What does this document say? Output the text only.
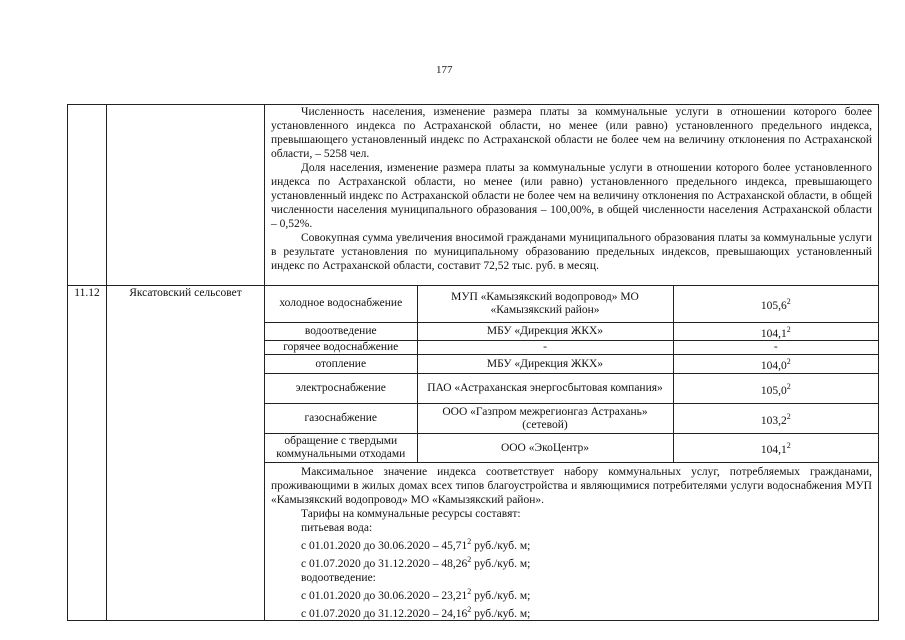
177

Численность населения, изменение размера платы за коммунальные услуги в отношении которого более установленного индекса по Астраханской области, но менее (или равно) установленного предельного индекса, превышающего установленный индекс по Астраханской области не более чем на величину отклонения по Астраханской области, – 5258 чел.

Доля населения, изменение размера платы за коммунальные услуги в отношении которого более установленного индекса по Астраханской области, но менее (или равно) установленного предельного индекса, превышающего установленный индекс по Астраханской области не более чем на величину отклонения по Астраханской области, в общей численности населения муниципального образования – 100,00%, в общей численности населения Астраханской области – 0,52%.

Совокупная сумма увеличения вносимой гражданами муниципального образования платы за коммунальные услуги в результате установления по муниципальному образованию предельных индексов, превышающих установленный индекс по Астраханской области, составит 72,52 тыс. руб. в месяц.

11.12	Яксатовский сельсовет	
холодное водоснабжение	МУП «Камызякский водопровод» МО «Камызякский район»	105,6$^2$
водоотведение	МБУ «Дирекция ЖКХ»	104,1$^2$
горячее водоснабжение	-	-
отопление	МБУ «Дирекция ЖКХ»	104,0$^2$
электроснабжение	ПАО «Астраханская энергосбытовая компания»	105,0$^2$
газоснабжение	ООО «Газпром межрегионгаз Астрахань» (сетевой)	103,2$^2$
обращение с твердыми коммунальными отходами	ООО «ЭкоЦентр»	104,1$^2$

Максимальное значение индекса соответствует набору коммунальных услуг, потребляемых гражданами, проживающими в жилых домах всех типов благоустройства и являющимися потребителями услуги водоснабжения МУП «Камызякский водопровод» МО «Камызякский район».

Тарифы на коммунальные ресурсы составят:
питьевая вода:
с 01.01.2020 до 30.06.2020 – 45,71$^2$ руб./куб. м;
с 01.07.2020 до 31.12.2020 – 48,26$^2$ руб./куб. м;
водоотведение:
с 01.01.2020 до 30.06.2020 – 23,21$^2$ руб./куб. м;
с 01.07.2020 до 31.12.2020 – 24,16$^2$ руб./куб. м;
